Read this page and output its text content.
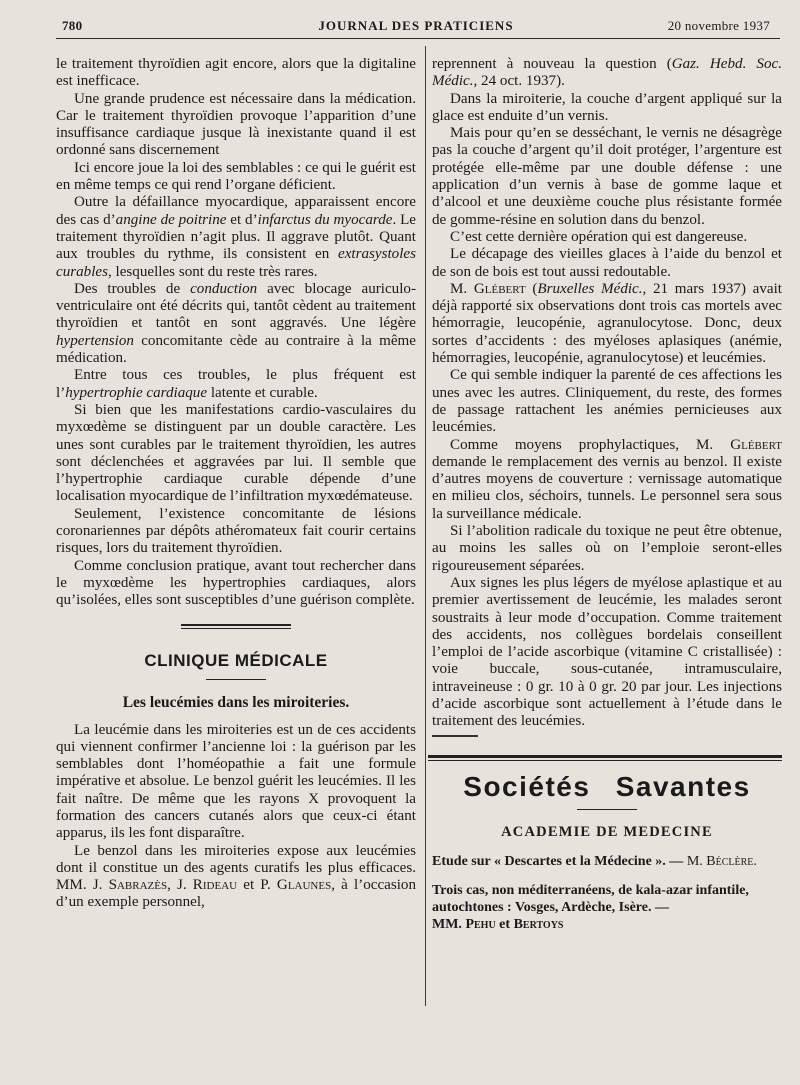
780	JOURNAL DES PRATICIENS	20 novembre 1937

le traitement thyroïdien agit encore, alors que la digitaline est inefficace.

Une grande prudence est nécessaire dans la médication. Car le traitement thyroïdien provoque l’apparition d’une insuffisance cardiaque jusque là inexistante quand il est ordonné sans discernement

Ici encore joue la loi des semblables : ce qui le guérit est en même temps ce qui rend l’organe déficient.

Outre la défaillance myocardique, apparaissent encore des cas d’angine de poitrine et d’infarctus du myocarde. Le traitement thyroïdien n’agit plus. Il aggrave plutôt. Quant aux troubles du rythme, ils consistent en extrasystoles curables, lesquelles sont du reste très rares.

Des troubles de conduction avec blocage auriculo-ventriculaire ont été décrits qui, tantôt cèdent au traitement thyroïdien et tantôt en sont aggravés. Une légère hypertension concomitante cède au contraire à la même médication.

Entre tous ces troubles, le plus fréquent est l’hypertrophie cardiaque latente et curable.

Si bien que les manifestations cardio-vasculaires du myxœdème se distinguent par un double caractère. Les unes sont curables par le traitement thyroïdien, les autres sont déclenchées et aggravées par lui. Il semble que l’hypertrophie cardiaque curable dépende d’une localisation myocardique de l’infiltration myxœdémateuse.

Seulement, l’existence concomitante de lésions coronariennes par dépôts athéromateux fait courir certains risques, lors du traitement thyroïdien.

Comme conclusion pratique, avant tout rechercher dans le myxœdème les hypertrophies cardiaques, alors qu’isolées, elles sont susceptibles d’une guérison complète.

CLINIQUE MÉDICALE
Les leucémies dans les miroiteries.

La leucémie dans les miroiteries est un de ces accidents qui viennent confirmer l’ancienne loi : la guérison par les semblables dont l’homéopathie a fait une formule impérative et absolue. Le benzol guérit les leucémies. Il les fait naître. De même que les rayons X provoquent la formation des cancers cutanés alors que ceux-ci étant apparus, ils les font disparaître.

Le benzol dans les miroiteries expose aux leucémies dont il constitue un des agents curatifs les plus efficaces. MM. J. Sabrazès, J. Rideau et P. Glaunes, à l’occasion d’un exemple personnel,

reprennent à nouveau la question (Gaz. Hebd. Soc. Médic., 24 oct. 1937).

Dans la miroiterie, la couche d’argent appliqué sur la glace est enduite d’un vernis.

Mais pour qu’en se desséchant, le vernis ne désagrège pas la couche d’argent qu’il doit protéger, l’argenture est protégée elle-même par une double défense : une application d’un vernis à base de gomme laque et d’alcool et une deuxième couche plus résistante formée de gomme-résine en solution dans du benzol.

C’est cette dernière opération qui est dangereuse.

Le décapage des vieilles glaces à l’aide du benzol et de son de bois est tout aussi redoutable.

M. Glébert (Bruxelles Médic., 21 mars 1937) avait déjà rapporté six observations dont trois cas mortels avec hémorragie, leucopénie, agranulocytose. Donc, deux sortes d’accidents : des myéloses aplasiques (anémie, hémorragies, leucopénie, agranulocytose) et leucémies.

Ce qui semble indiquer la parenté de ces affections les unes avec les autres. Cliniquement, du reste, des formes de passage rattachent les anémies pernicieuses aux leucémies.

Comme moyens prophylactiques, M. Glébert demande le remplacement des vernis au benzol. Il existe d’autres moyens de couverture : vernissage automatique en milieu clos, séchoirs, tunnels. Le personnel sera sous la surveillance médicale.

Si l’abolition radicale du toxique ne peut être obtenue, au moins les salles où on l’emploie seront-elles rigoureusement séparées.

Aux signes les plus légers de myélose aplastique et au premier avertissement de leucémie, les malades seront soustraits à leur mode d’occupation. Comme traitement des accidents, nos collègues bordelais conseillent l’emploi de l’acide ascorbique (vitamine C cristallisée) : voie buccale, sous-cutanée, intramusculaire, intraveineuse : 0 gr. 10 à 0 gr. 20 par jour. Les injections d’acide ascorbique sont actuellement à l’étude dans le traitement des leucémies.

Sociétés Savantes
ACADEMIE DE MEDECINE
Etude sur « Descartes et la Médecine ». — M. Béclère.
Trois cas, non méditerranéens, de kala-azar infantile, autochtones : Vosges, Ardèche, Isère. —
MM. Pehu et Bertoys
